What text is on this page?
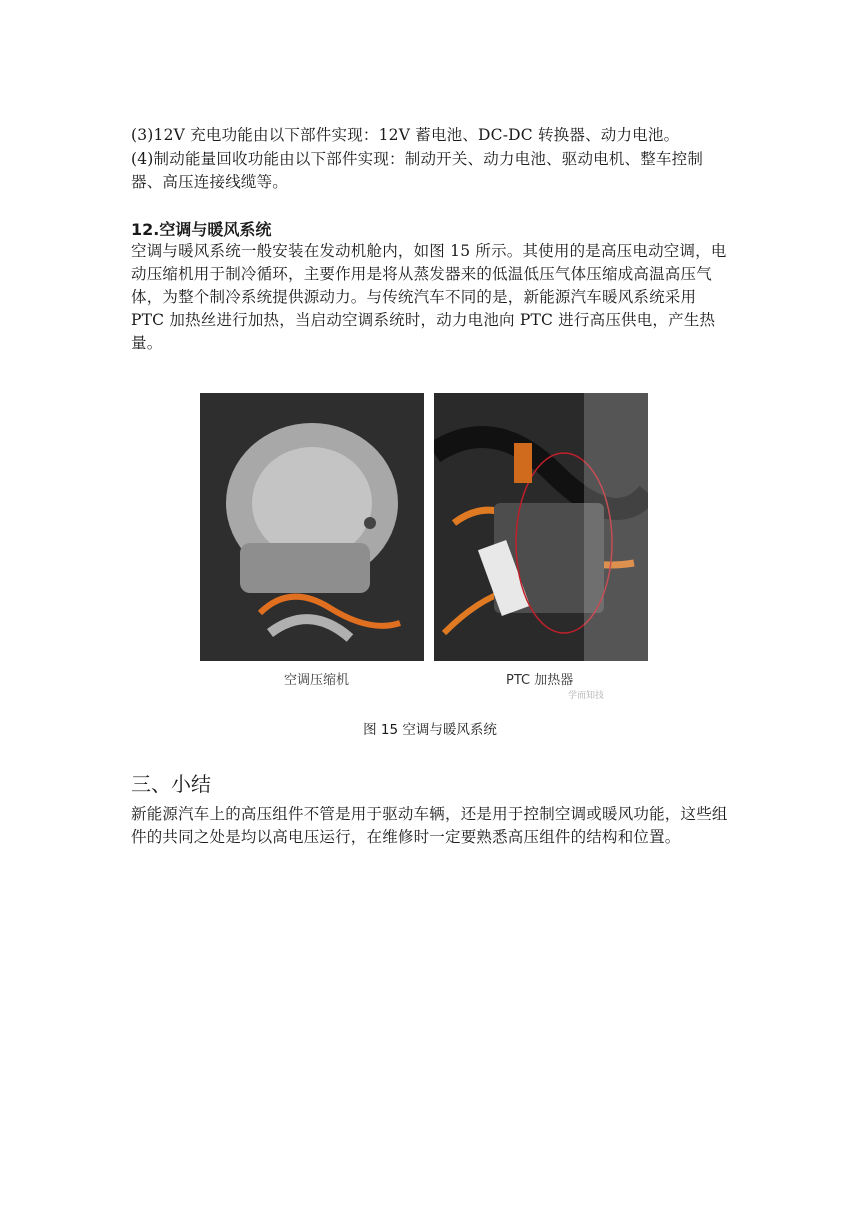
(3)12V 充电功能由以下部件实现：12V 蓄电池、DC-DC 转换器、动力电池。

(4)制动能量回收功能由以下部件实现：制动开关、动力电池、驱动电机、整车控制器、高压连接线缆等。

12.空调与暖风系统

空调与暖风系统一般安装在发动机舱内，如图 15 所示。其使用的是高压电动空调，电动压缩机用于制冷循环，主要作用是将从蒸发器来的低温低压气体压缩成高温高压气体，为整个制冷系统提供源动力。与传统汽车不同的是，新能源汽车暖风系统采用 PTC 加热丝进行加热，当启动空调系统时，动力电池向 PTC 进行高压供电，产生热量。

空调压缩机	PTC 加热器
学而知技

图 15 空调与暖风系统

三、小结

新能源汽车上的高压组件不管是用于驱动车辆，还是用于控制空调或暖风功能，这些组件的共同之处是均以高电压运行，在维修时一定要熟悉高压组件的结构和位置。
